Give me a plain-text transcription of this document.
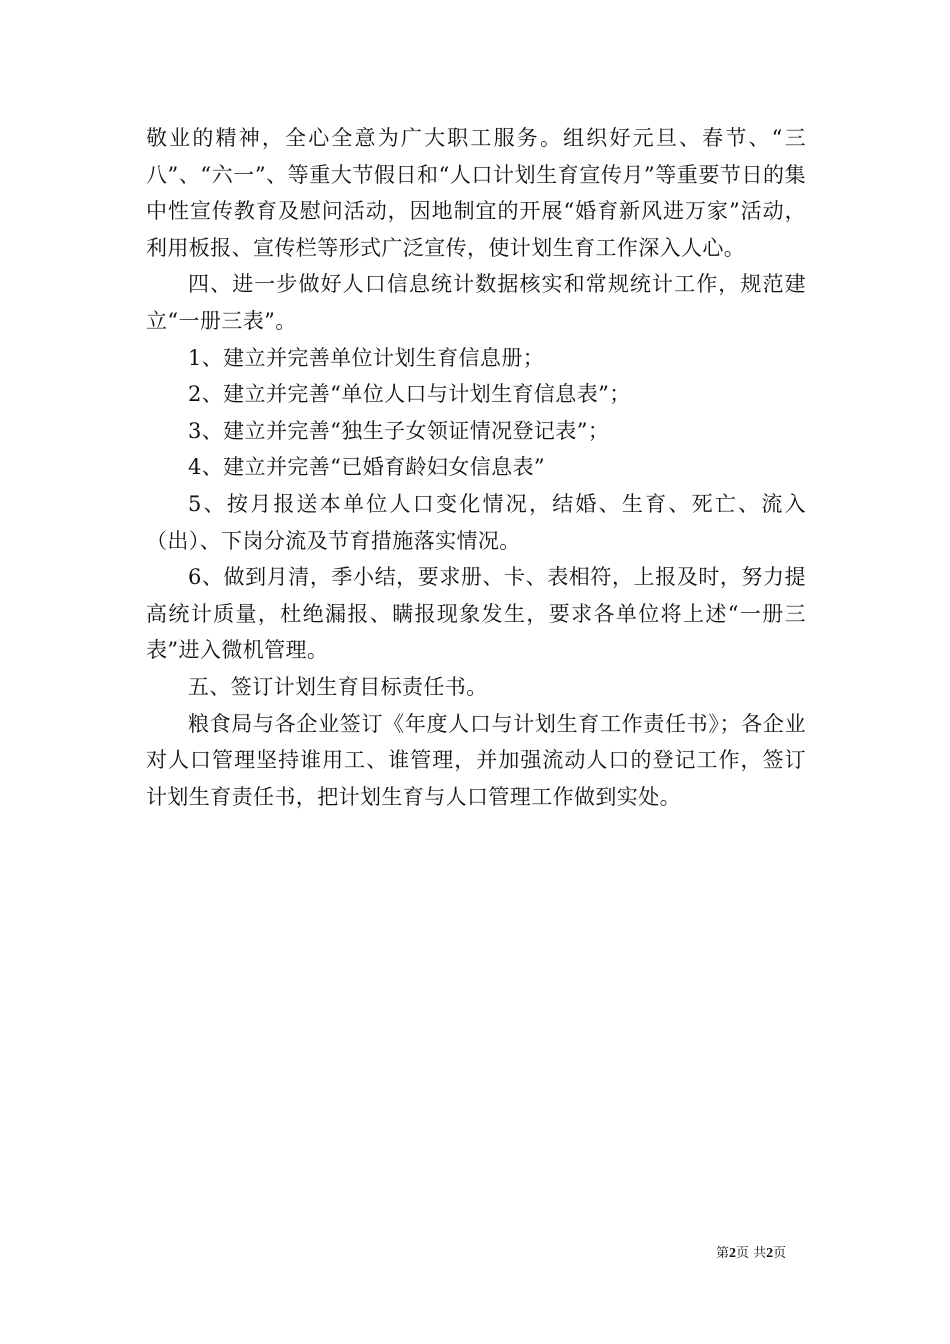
敬业的精神，全心全意为广大职工服务。组织好元旦、春节、“三八”、“六一”、等重大节假日和“人口计划生育宣传月”等重要节日的集中性宣传教育及慰问活动，因地制宜的开展“婚育新风进万家”活动，利用板报、宣传栏等形式广泛宣传，使计划生育工作深入人心。

四、进一步做好人口信息统计数据核实和常规统计工作，规范建立“一册三表”。

1、建立并完善单位计划生育信息册；

2、建立并完善“单位人口与计划生育信息表”；

3、建立并完善“独生子女领证情况登记表”；

4、建立并完善“已婚育龄妇女信息表”

5、按月报送本单位人口变化情况，结婚、生育、死亡、流入（出）、下岗分流及节育措施落实情况。

6、做到月清，季小结，要求册、卡、表相符，上报及时，努力提高统计质量，杜绝漏报、瞒报现象发生，要求各单位将上述“一册三表”进入微机管理。

五、签订计划生育目标责任书。

粮食局与各企业签订《年度人口与计划生育工作责任书》；各企业对人口管理坚持谁用工、谁管理，并加强流动人口的登记工作，签订计划生育责任书，把计划生育与人口管理工作做到实处。

第2页 共2页
